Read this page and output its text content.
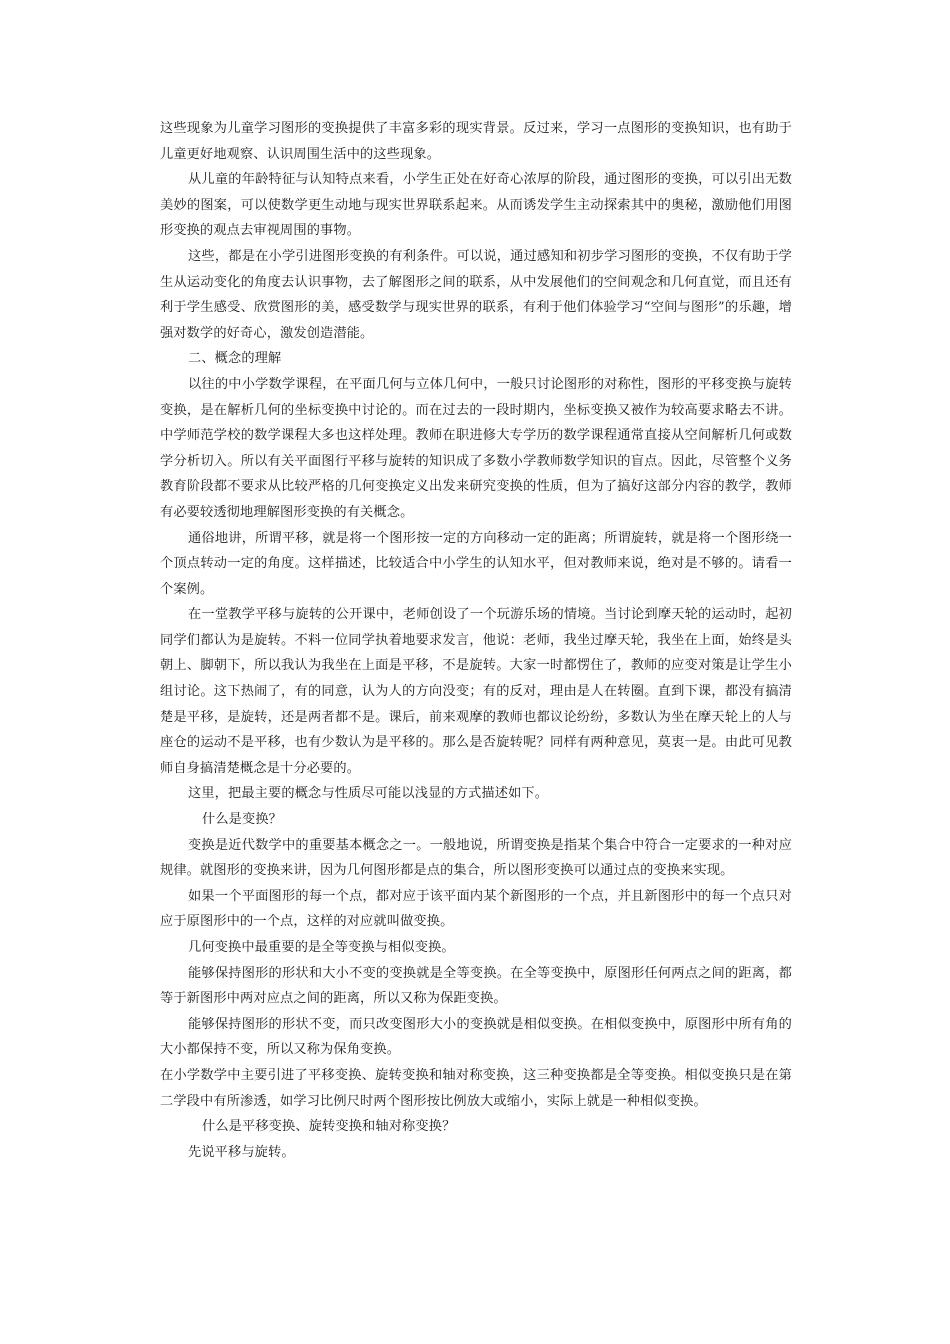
这些现象为儿童学习图形的变换提供了丰富多彩的现实背景。反过来，学习一点图形的变换知识，也有助于儿童更好地观察、认识周围生活中的这些现象。

从儿童的年龄特征与认知特点来看，小学生正处在好奇心浓厚的阶段，通过图形的变换，可以引出无数美妙的图案，可以使数学更生动地与现实世界联系起来。从而诱发学生主动探索其中的奥秘，激励他们用图形变换的观点去审视周围的事物。

这些，都是在小学引进图形变换的有利条件。可以说，通过感知和初步学习图形的变换，不仅有助于学生从运动变化的角度去认识事物，去了解图形之间的联系，从中发展他们的空间观念和几何直觉，而且还有利于学生感受、欣赏图形的美，感受数学与现实世界的联系，有利于他们体验学习“空间与图形”的乐趣，增强对数学的好奇心，激发创造潜能。

二、概念的理解

以往的中小学数学课程，在平面几何与立体几何中，一般只讨论图形的对称性，图形的平移变换与旋转变换，是在解析几何的坐标变换中讨论的。而在过去的一段时期内，坐标变换又被作为较高要求略去不讲。中学师范学校的数学课程大多也这样处理。教师在职进修大专学历的数学课程通常直接从空间解析几何或数学分析切入。所以有关平面图行平移与旋转的知识成了多数小学教师数学知识的盲点。因此，尽管整个义务教育阶段都不要求从比较严格的几何变换定义出发来研究变换的性质，但为了搞好这部分内容的教学，教师有必要较透彻地理解图形变换的有关概念。

通俗地讲，所谓平移，就是将一个图形按一定的方向移动一定的距离；所谓旋转，就是将一个图形绕一个顶点转动一定的角度。这样描述，比较适合中小学生的认知水平，但对教师来说，绝对是不够的。请看一个案例。

在一堂教学平移与旋转的公开课中，老师创设了一个玩游乐场的情境。当讨论到摩天轮的运动时，起初同学们都认为是旋转。不料一位同学执着地要求发言，他说：老师，我坐过摩天轮，我坐在上面，始终是头朝上、脚朝下，所以我认为我坐在上面是平移，不是旋转。大家一时都愣住了，教师的应变对策是让学生小组讨论。这下热闹了，有的同意，认为人的方向没变；有的反对，理由是人在转圈。直到下课，都没有搞清楚是平移，是旋转，还是两者都不是。课后，前来观摩的教师也都议论纷纷，多数认为坐在摩天轮上的人与座仓的运动不是平移，也有少数认为是平移的。那么是否旋转呢？同样有两种意见，莫衷一是。由此可见教师自身搞清楚概念是十分必要的。

这里，把最主要的概念与性质尽可能以浅显的方式描述如下。

什么是变换？

变换是近代数学中的重要基本概念之一。一般地说，所谓变换是指某个集合中符合一定要求的一种对应规律。就图形的变换来讲，因为几何图形都是点的集合，所以图形变换可以通过点的变换来实现。

如果一个平面图形的每一个点，都对应于该平面内某个新图形的一个点，并且新图形中的每一个点只对应于原图形中的一个点，这样的对应就叫做变换。

几何变换中最重要的是全等变换与相似变换。

能够保持图形的形状和大小不变的变换就是全等变换。在全等变换中，原图形任何两点之间的距离，都等于新图形中两对应点之间的距离，所以又称为保距变换。

能够保持图形的形状不变，而只改变图形大小的变换就是相似变换。在相似变换中，原图形中所有角的大小都保持不变，所以又称为保角变换。

在小学数学中主要引进了平移变换、旋转变换和轴对称变换，这三种变换都是全等变换。相似变换只是在第二学段中有所渗透，如学习比例尺时两个图形按比例放大或缩小，实际上就是一种相似变换。

什么是平移变换、旋转变换和轴对称变换？

先说平移与旋转。
